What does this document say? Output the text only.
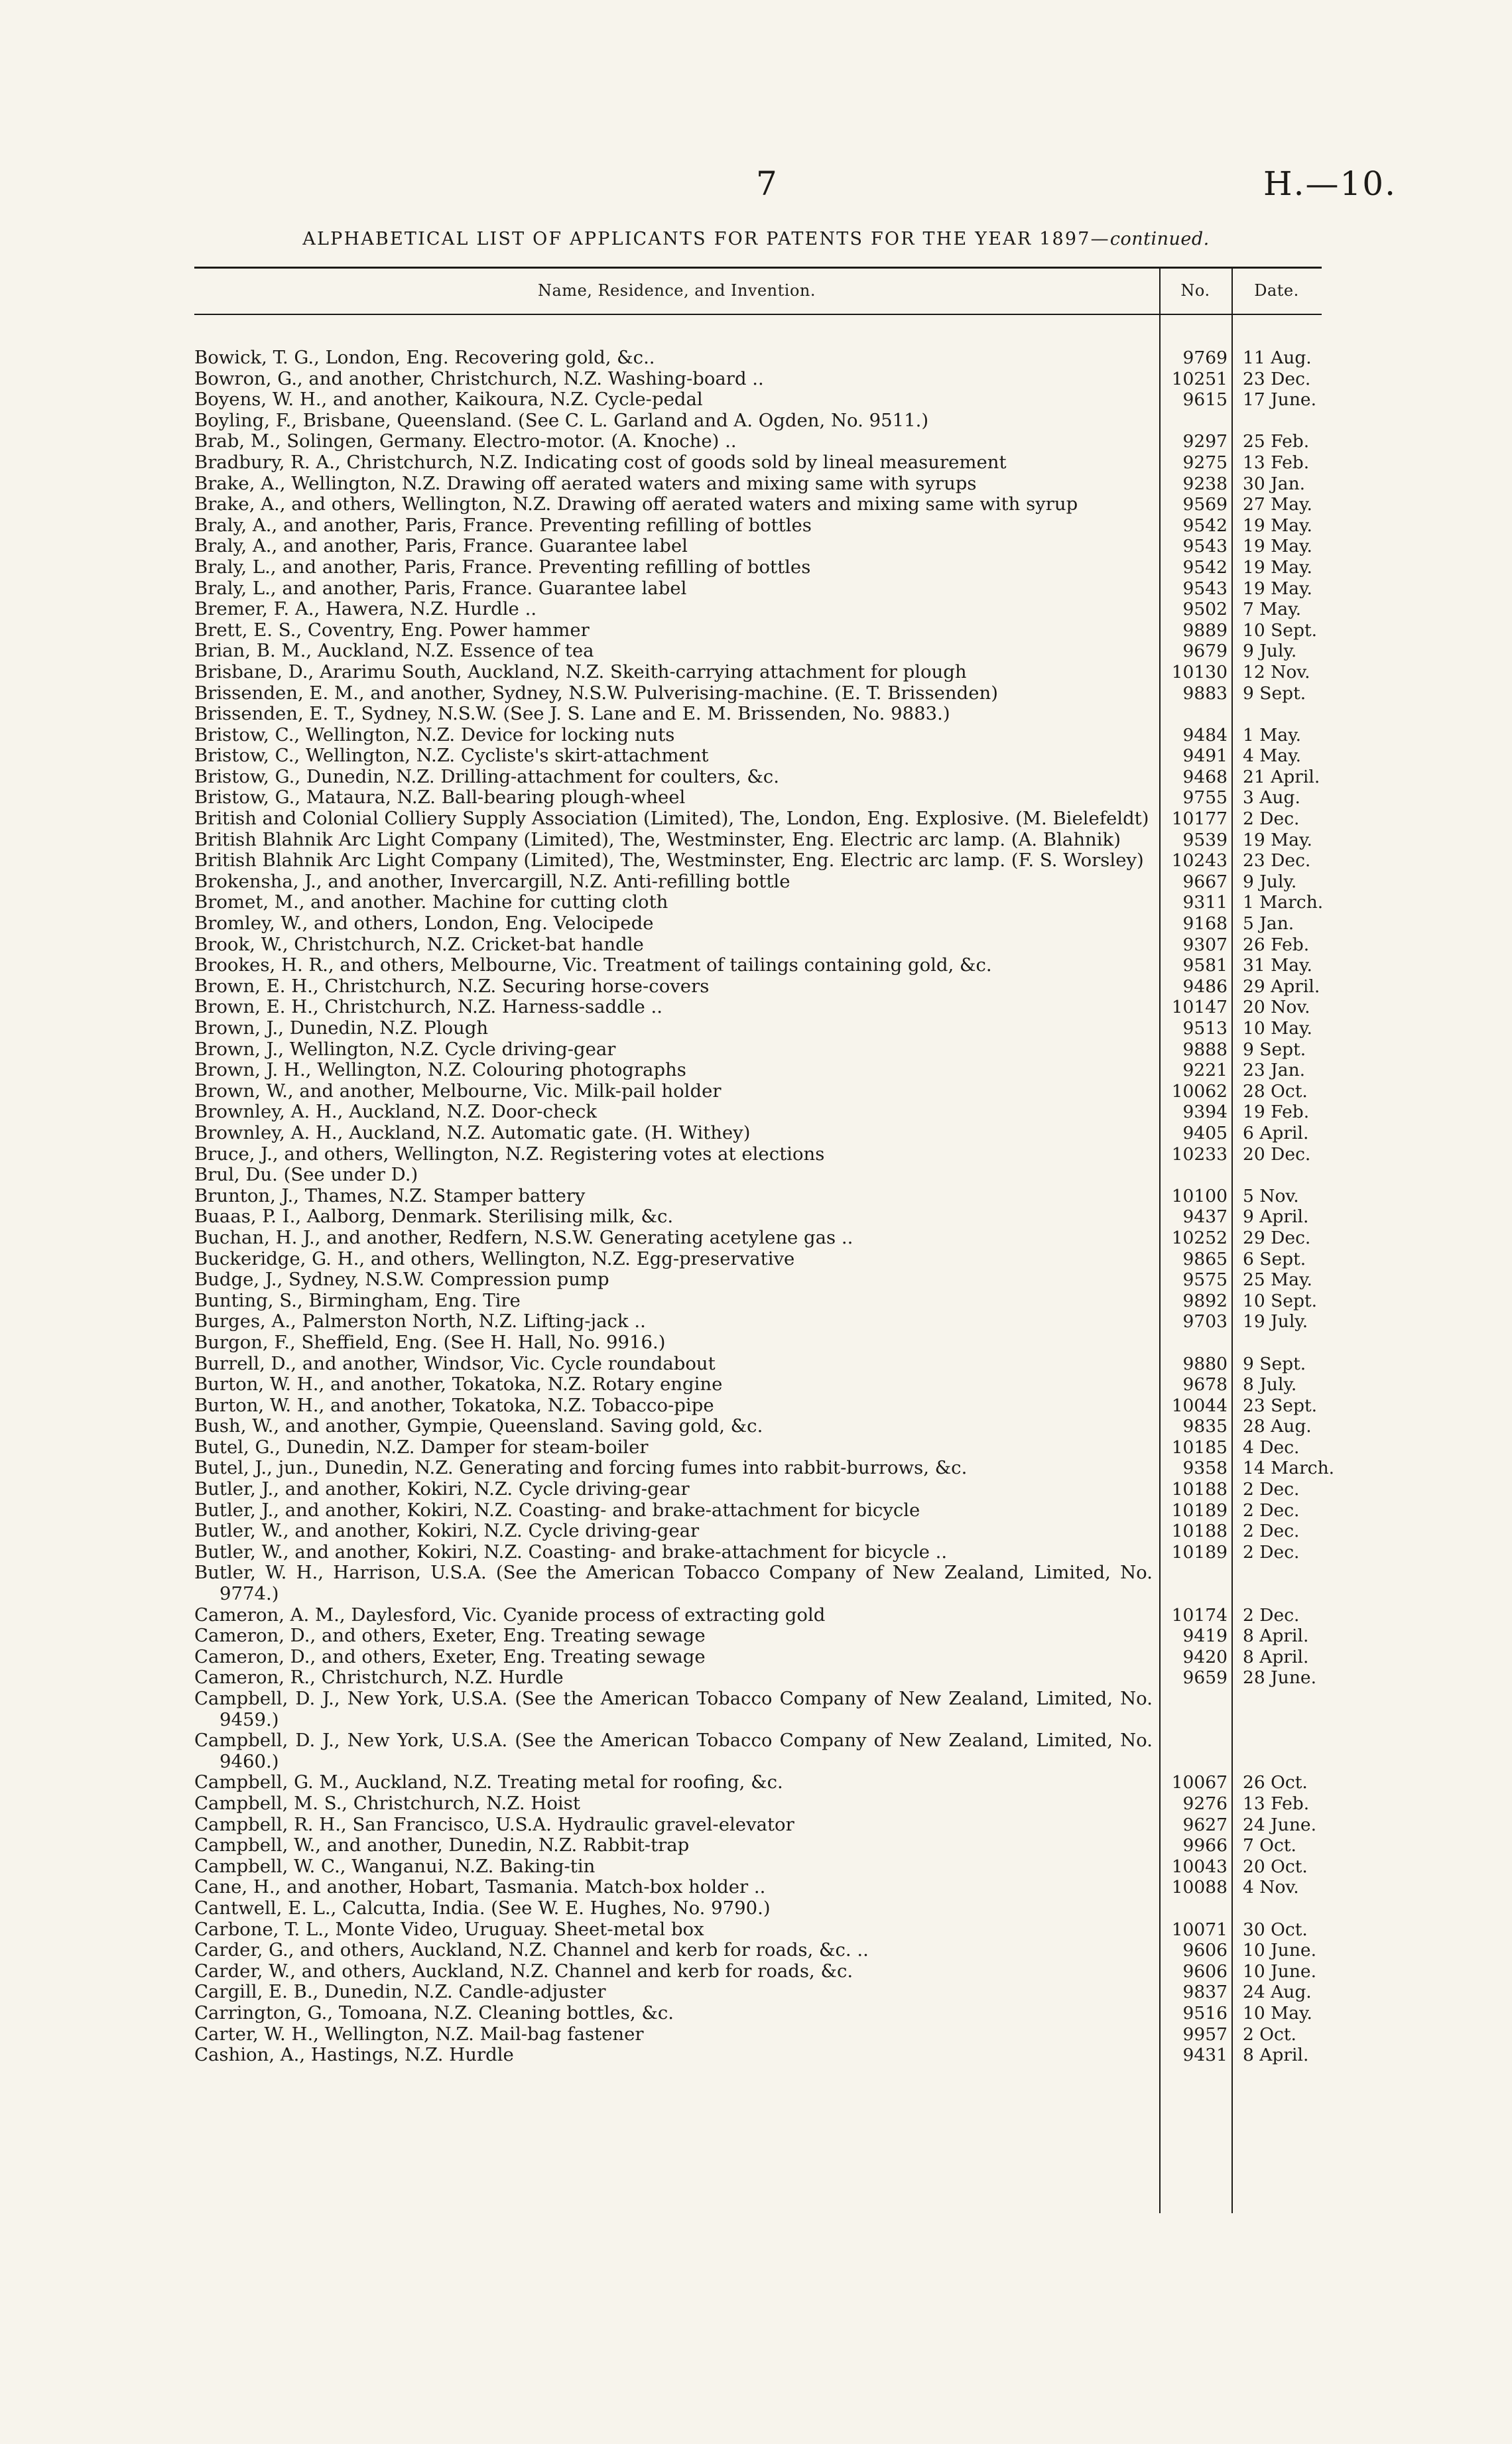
7	H.—10.
ALPHABETICAL LIST OF APPLICANTS FOR PATENTS FOR THE YEAR 1897—continued.
Name, Residence, and Invention.	No.	Date.
Bowick, T. G., London, Eng. Recovering gold, &c..	9769 11 Aug.
Bowron, G., and another, Christchurch, N.Z. Washing-board ..	10251 23 Dec.
Boyens, W. H., and another, Kaikoura, N.Z. Cycle-pedal	9615 17 June.
Boyling, F., Brisbane, Queensland. (See C. L. Garland and A. Ogden, No. 9511.)
Brab, M., Solingen, Germany. Electro-motor. (A. Knoche) ..	9297 25 Feb.
Bradbury, R. A., Christchurch, N.Z. Indicating cost of goods sold by lineal measurement	9275 13 Feb.
Brake, A., Wellington, N.Z. Drawing off aerated waters and mixing same with syrups	9238 30 Jan.
Brake, A., and others, Wellington, N.Z. Drawing off aerated waters and mixing same with syrup	9569 27 May.
Braly, A., and another, Paris, France. Preventing refilling of bottles	9542 19 May.
Braly, A., and another, Paris, France. Guarantee label	9543 19 May.
Braly, L., and another, Paris, France. Preventing refilling of bottles	9542 19 May.
Braly, L., and another, Paris, France. Guarantee label	9543 19 May.
Bremer, F. A., Hawera, N.Z. Hurdle ..	9502 7 May.
Brett, E. S., Coventry, Eng. Power hammer	9889 10 Sept.
Brian, B. M., Auckland, N.Z. Essence of tea	9679 9 July.
Brisbane, D., Ararimu South, Auckland, N.Z. Skeith-carrying attachment for plough	10130 12 Nov.
Brissenden, E. M., and another, Sydney, N.S.W. Pulverising-machine. (E. T. Brissenden)	9883 9 Sept.
Brissenden, E. T., Sydney, N.S.W. (See J. S. Lane and E. M. Brissenden, No. 9883.)
Bristow, C., Wellington, N.Z. Device for locking nuts	9484 1 May.
Bristow, C., Wellington, N.Z. Cycliste's skirt-attachment	9491 4 May.
Bristow, G., Dunedin, N.Z. Drilling-attachment for coulters, &c.	9468 21 April.
Bristow, G., Mataura, N.Z. Ball-bearing plough-wheel	9755 3 Aug.
British and Colonial Colliery Supply Association (Limited), The, London, Eng. Explosive. (M. Bielefeldt)	10177 2 Dec.
British Blahnik Arc Light Company (Limited), The, Westminster, Eng. Electric arc lamp. (A. Blahnik)	9539 19 May.
British Blahnik Arc Light Company (Limited), The, Westminster, Eng. Electric arc lamp. (F. S. Worsley)	10243 23 Dec.
Brokensha, J., and another, Invercargill, N.Z. Anti-refilling bottle	9667 9 July.
Bromet, M., and another. Machine for cutting cloth	9311 1 March.
Bromley, W., and others, London, Eng. Velocipede	9168 5 Jan.
Brook, W., Christchurch, N.Z. Cricket-bat handle	9307 26 Feb.
Brookes, H. R., and others, Melbourne, Vic. Treatment of tailings containing gold, &c.	9581 31 May.
Brown, E. H., Christchurch, N.Z. Securing horse-covers	9486 29 April.
Brown, E. H., Christchurch, N.Z. Harness-saddle ..	10147 20 Nov.
Brown, J., Dunedin, N.Z. Plough	9513 10 May.
Brown, J., Wellington, N.Z. Cycle driving-gear	9888 9 Sept.
Brown, J. H., Wellington, N.Z. Colouring photographs	9221 23 Jan.
Brown, W., and another, Melbourne, Vic. Milk-pail holder	10062 28 Oct.
Brownley, A. H., Auckland, N.Z. Door-check	9394 19 Feb.
Brownley, A. H., Auckland, N.Z. Automatic gate. (H. Withey)	9405 6 April.
Bruce, J., and others, Wellington, N.Z. Registering votes at elections	10233 20 Dec.
Brul, Du. (See under D.)
Brunton, J., Thames, N.Z. Stamper battery	10100 5 Nov.
Buaas, P. I., Aalborg, Denmark. Sterilising milk, &c.	9437 9 April.
Buchan, H. J., and another, Redfern, N.S.W. Generating acetylene gas ..	10252 29 Dec.
Buckeridge, G. H., and others, Wellington, N.Z. Egg-preservative	9865 6 Sept.
Budge, J., Sydney, N.S.W. Compression pump	9575 25 May.
Bunting, S., Birmingham, Eng. Tire	9892 10 Sept.
Burges, A., Palmerston North, N.Z. Lifting-jack ..	9703 19 July.
Burgon, F., Sheffield, Eng. (See H. Hall, No. 9916.)
Burrell, D., and another, Windsor, Vic. Cycle roundabout	9880 9 Sept.
Burton, W. H., and another, Tokatoka, N.Z. Rotary engine	9678 8 July.
Burton, W. H., and another, Tokatoka, N.Z. Tobacco-pipe	10044 23 Sept.
Bush, W., and another, Gympie, Queensland. Saving gold, &c.	9835 28 Aug.
Butel, G., Dunedin, N.Z. Damper for steam-boiler	10185 4 Dec.
Butel, J., jun., Dunedin, N.Z. Generating and forcing fumes into rabbit-burrows, &c.	9358 14 March.
Butler, J., and another, Kokiri, N.Z. Cycle driving-gear	10188 2 Dec.
Butler, J., and another, Kokiri, N.Z. Coasting- and brake-attachment for bicycle	10189 2 Dec.
Butler, W., and another, Kokiri, N.Z. Cycle driving-gear	10188 2 Dec.
Butler, W., and another, Kokiri, N.Z. Coasting- and brake-attachment for bicycle ..	10189 2 Dec.
Butler, W. H., Harrison, U.S.A. (See the American Tobacco Company of New Zealand, Limited, No. 9774.)
Cameron, A. M., Daylesford, Vic. Cyanide process of extracting gold	10174 2 Dec.
Cameron, D., and others, Exeter, Eng. Treating sewage	9419 8 April.
Cameron, D., and others, Exeter, Eng. Treating sewage	9420 8 April.
Cameron, R., Christchurch, N.Z. Hurdle	9659 28 June.
Campbell, D. J., New York, U.S.A. (See the American Tobacco Company of New Zealand, Limited, No. 9459.)
Campbell, D. J., New York, U.S.A. (See the American Tobacco Company of New Zealand, Limited, No. 9460.)
Campbell, G. M., Auckland, N.Z. Treating metal for roofing, &c.	10067 26 Oct.
Campbell, M. S., Christchurch, N.Z. Hoist	9276 13 Feb.
Campbell, R. H., San Francisco, U.S.A. Hydraulic gravel-elevator	9627 24 June.
Campbell, W., and another, Dunedin, N.Z. Rabbit-trap	9966 7 Oct.
Campbell, W. C., Wanganui, N.Z. Baking-tin	10043 20 Oct.
Cane, H., and another, Hobart, Tasmania. Match-box holder ..	10088 4 Nov.
Cantwell, E. L., Calcutta, India. (See W. E. Hughes, No. 9790.)
Carbone, T. L., Monte Video, Uruguay. Sheet-metal box	10071 30 Oct.
Carder, G., and others, Auckland, N.Z. Channel and kerb for roads, &c. ..	9606 10 June.
Carder, W., and others, Auckland, N.Z. Channel and kerb for roads, &c.	9606 10 June.
Cargill, E. B., Dunedin, N.Z. Candle-adjuster	9837 24 Aug.
Carrington, G., Tomoana, N.Z. Cleaning bottles, &c.	9516 10 May.
Carter, W. H., Wellington, N.Z. Mail-bag fastener	9957 2 Oct.
Cashion, A., Hastings, N.Z. Hurdle	9431 8 April.
